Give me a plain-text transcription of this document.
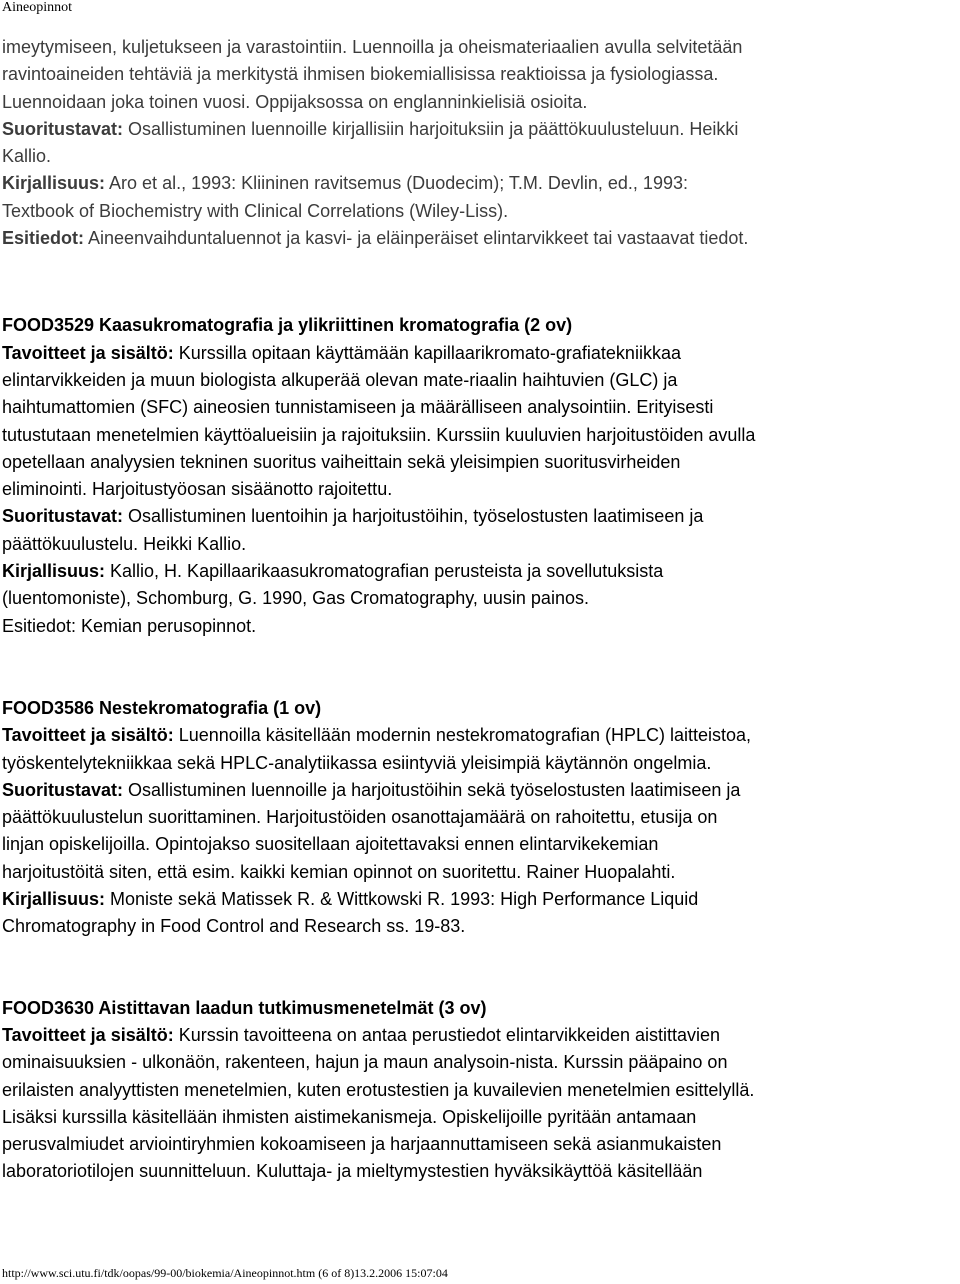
Aineopinnot

imeytymiseen, kuljetukseen ja varastointiin. Luennoilla ja oheismateriaalien avulla selvitetään

ravintoaineiden tehtäviä ja merkitystä ihmisen biokemiallisissa reaktioissa ja fysiologiassa.

Luennoidaan joka toinen vuosi. Oppijaksossa on englanninkielisiä osioita.

Suoritustavat: Osallistuminen luennoille kirjallisiin harjoituksiin ja päättökuulusteluun. Heikki

Kallio.

Kirjallisuus: Aro et al., 1993: Kliininen ravitsemus (Duodecim); T.M. Devlin, ed., 1993:

Textbook of Biochemistry with Clinical Correlations (Wiley-Liss).

Esitiedot: Aineenvaihduntaluennot ja kasvi- ja eläinperäiset elintarvikkeet tai vastaavat tiedot.

FOOD3529 Kaasukromatografia ja ylikriittinen kromatografia (2 ov)

Tavoitteet ja sisältö: Kurssilla opitaan käyttämään kapillaarikromato-grafiatekniikkaa

elintarvikkeiden ja muun biologista alkuperää olevan mate-riaalin haihtuvien (GLC) ja

haihtumattomien (SFC) aineosien tunnistamiseen ja määrälliseen analysointiin. Erityisesti

tutustutaan menetelmien käyttöalueisiin ja rajoituksiin. Kurssiin kuuluvien harjoitustöiden avulla

opetellaan analyysien tekninen suoritus vaiheittain sekä yleisimpien suoritusvirheiden

eliminointi. Harjoitustyöosan sisäänotto rajoitettu.

Suoritustavat: Osallistuminen luentoihin ja harjoitustöihin, työselostusten laatimiseen ja

päättökuulustelu. Heikki Kallio.

Kirjallisuus: Kallio, H. Kapillaarikaasukromatografian perusteista ja sovellutuksista

(luentomoniste), Schomburg, G. 1990, Gas Cromatography, uusin painos.

Esitiedot: Kemian perusopinnot.

FOOD3586 Nestekromatografia (1 ov)

Tavoitteet ja sisältö: Luennoilla käsitellään modernin nestekromatografian (HPLC) laitteistoa,

työskentelytekniikkaa sekä HPLC-analytiikassa esiintyviä yleisimpiä käytännön ongelmia.

Suoritustavat: Osallistuminen luennoille ja harjoitustöihin sekä työselostusten laatimiseen ja

päättökuulustelun suorittaminen. Harjoitustöiden osanottajamäärä on rahoitettu, etusija on

linjan opiskelijoilla. Opintojakso suositellaan ajoitettavaksi ennen elintarvikekemian

harjoitustöitä siten, että esim. kaikki kemian opinnot on suoritettu. Rainer Huopalahti.

Kirjallisuus: Moniste sekä Matissek R. & Wittkowski R. 1993: High Performance Liquid

Chromatography in Food Control and Research ss. 19-83.

FOOD3630 Aistittavan laadun tutkimusmenetelmät (3 ov)

Tavoitteet ja sisältö: Kurssin tavoitteena on antaa perustiedot elintarvikkeiden aistittavien

ominaisuuksien - ulkonäön, rakenteen, hajun ja maun analysoin-nista. Kurssin pääpaino on

erilaisten analyyttisten menetelmien, kuten erotustestien ja kuvailevien menetelmien esittelyllä.

Lisäksi kurssilla käsitellään ihmisten aistimekanismeja. Opiskelijoille pyritään antamaan

perusvalmiudet arviointiryhmien kokoamiseen ja harjaannuttamiseen sekä asianmukaisten

laboratoriotilojen suunnitteluun. Kuluttaja- ja mieltymystestien hyväksikäyttöä käsitellään

http://www.sci.utu.fi/tdk/oopas/99-00/biokemia/Aineopinnot.htm (6 of 8)13.2.2006 15:07:04
